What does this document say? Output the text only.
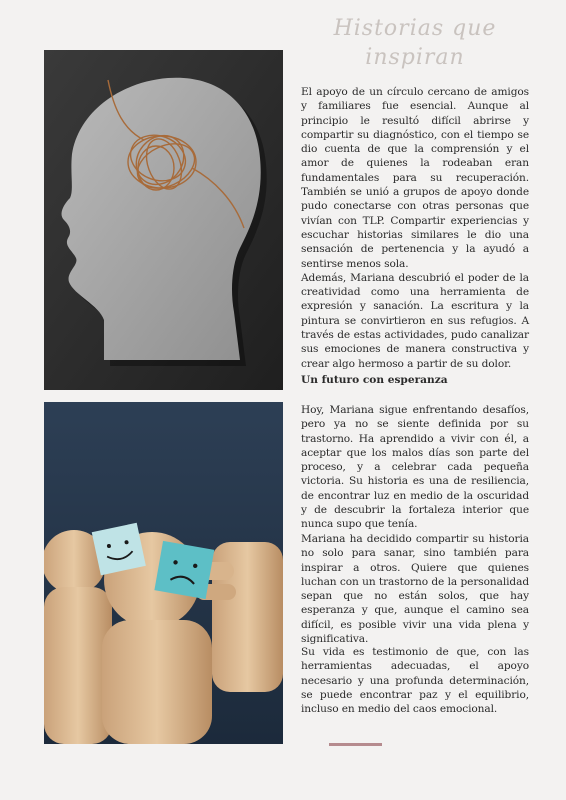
Historias que inspiran
El apoyo de un círculo cercano de amigos y familiares fue esencial. Aunque al principio le resultó difícil abrirse y compartir su diagnóstico, con el tiempo se dio cuenta de que la comprensión y el amor de quienes la rodeaban eran fundamentales para su recuperación. También se unió a grupos de apoyo donde pudo conectarse con otras personas que vivían con TLP. Compartir experiencias y escuchar historias similares le dio una sensación de pertenencia y la ayudó a sentirse menos sola.
Además, Mariana descubrió el poder de la creatividad como una herramienta de expresión y sanación. La escritura y la pintura se convirtieron en sus refugios. A través de estas actividades, pudo canalizar sus emociones de manera constructiva y crear algo hermoso a partir de su dolor.
Un futuro con esperanza
Hoy, Mariana sigue enfrentando desafíos, pero ya no se siente definida por su trastorno. Ha aprendido a vivir con él, a aceptar que los malos días son parte del proceso, y a celebrar cada pequeña victoria. Su historia es una de resiliencia, de encontrar luz en medio de la oscuridad y de descubrir la fortaleza interior que nunca supo que tenía.
Mariana ha decidido compartir su historia no solo para sanar, sino también para inspirar a otros. Quiere que quienes luchan con un trastorno de la personalidad sepan que no están solos, que hay esperanza y que, aunque el camino sea difícil, es posible vivir una vida plena y significativa.
Su vida es testimonio de que, con las herramientas adecuadas, el apoyo necesario y una profunda determinación, se puede encontrar paz y el equilibrio, incluso en medio del caos emocional.
